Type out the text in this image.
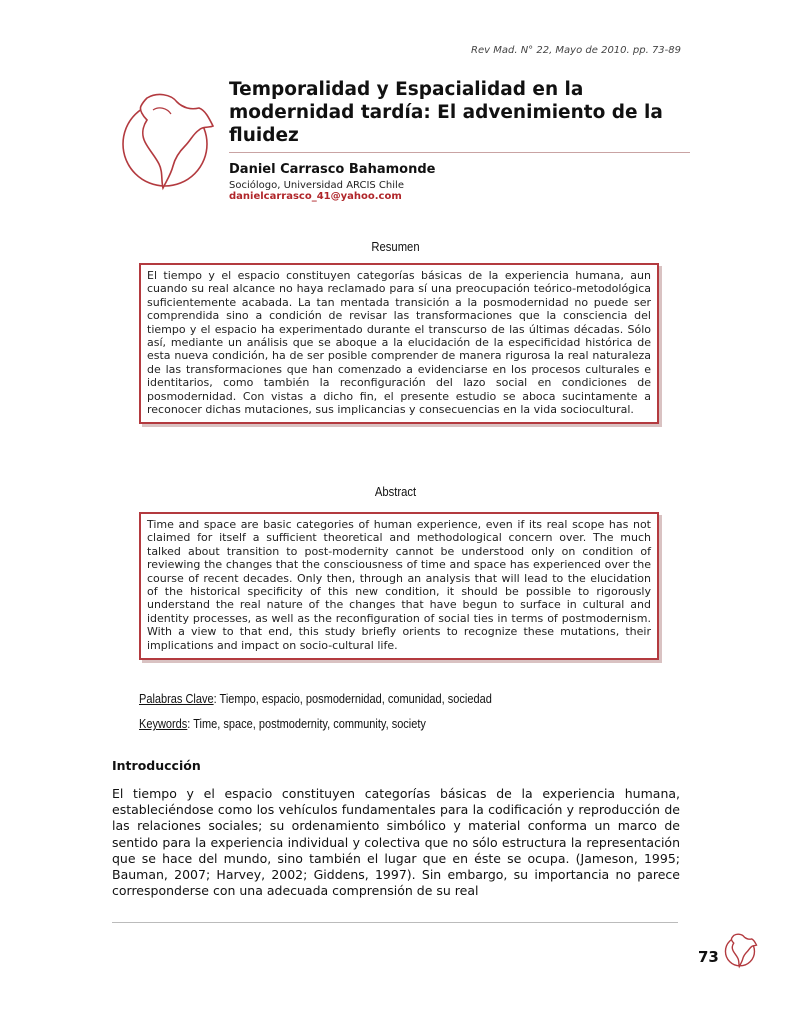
Rev Mad. N° 22, Mayo de 2010. pp. 73-89
Temporalidad y Espacialidad en la modernidad tardía: El advenimiento de la fluidez
Daniel Carrasco Bahamonde
Sociólogo, Universidad ARCIS Chile
danielcarrasco_41@yahoo.com
Resumen
El tiempo y el espacio constituyen categorías básicas de la experiencia humana, aun cuando su real alcance no haya reclamado para sí una preocupación teórico-metodológica suficientemente acabada. La tan mentada transición a la posmodernidad no puede ser comprendida sino a condición de revisar las transformaciones que la consciencia del tiempo y el espacio ha experimentado durante el transcurso de las últimas décadas. Sólo así, mediante un análisis que se aboque a la elucidación de la especificidad histórica de esta nueva condición, ha de ser posible comprender de manera rigurosa la real naturaleza de las transformaciones que han comenzado a evidenciarse en los procesos culturales e identitarios, como también la reconfiguración del lazo social en condiciones de posmodernidad. Con vistas a dicho fin, el presente estudio se aboca sucintamente a reconocer dichas mutaciones, sus implicancias y consecuencias en la vida sociocultural.
Abstract
Time and space are basic categories of human experience, even if its real scope has not claimed for itself a sufficient theoretical and methodological concern over. The much talked about transition to post-modernity cannot be understood only on condition of reviewing the changes that the consciousness of time and space has experienced over the course of recent decades. Only then, through an analysis that will lead to the elucidation of the historical specificity of this new condition, it should be possible to rigorously understand the real nature of the changes that have begun to surface in cultural and identity processes, as well as the reconfiguration of social ties in terms of postmodernism. With a view to that end, this study briefly orients to recognize these mutations, their implications and impact on socio-cultural life.
Palabras Clave: Tiempo, espacio, posmodernidad, comunidad, sociedad
Keywords: Time, space, postmodernity, community, society
Introducción
El tiempo y el espacio constituyen categorías básicas de la experiencia humana, estableciéndose como los vehículos fundamentales para la codificación y reproducción de las relaciones sociales; su ordenamiento simbólico y material conforma un marco de sentido para la experiencia individual y colectiva que no sólo estructura la representación que se hace del mundo, sino también el lugar que en éste se ocupa. (Jameson, 1995; Bauman, 2007; Harvey, 2002; Giddens, 1997). Sin embargo, su importancia no parece corresponderse con una adecuada comprensión de su real
73
